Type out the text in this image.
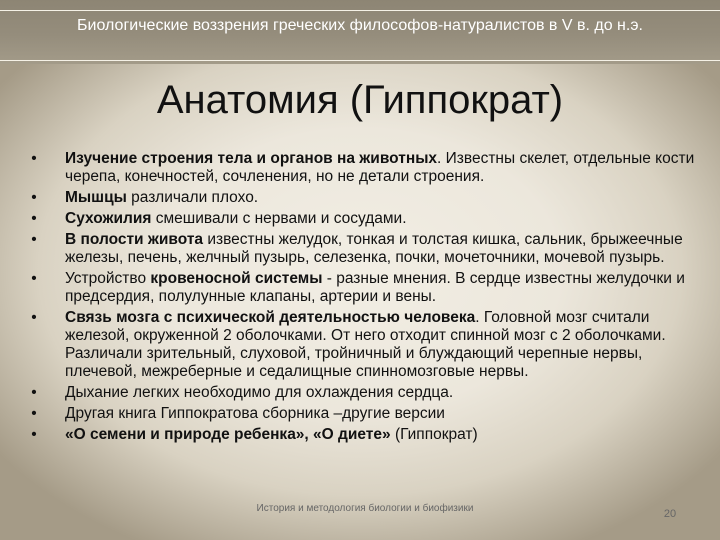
Биологические воззрения греческих философов-натуралистов в V в. до н.э.
Анатомия (Гиппократ)
• Изучение строения тела и органов на животных. Известны скелет, отдельные кости черепа, конечностей, сочленения, но не детали строения.
• Мышцы различали плохо.
• Сухожилия смешивали с нервами и сосудами.
• В полости живота известны желудок, тонкая и толстая кишка, сальник, брыжеечные железы, печень, желчный пузырь, селезенка, почки, мочеточники, мочевой пузырь.
• Устройство кровеносной системы - разные мнения. В сердце известны желудочки и предсердия, полулунные клапаны, артерии и вены.
• Связь мозга с психической деятельностью человека. Головной мозг считали железой, окруженной 2 оболочками. От него отходит спинной мозг с 2 оболочками. Различали зрительный, слуховой, тройничный и блуждающий черепные нервы, плечевой, межреберные и седалищные спинномозговые нервы.
• Дыхание легких необходимо для охлаждения сердца.
• Другая книга Гиппократова сборника –другие версии
• «О семени и природе ребенка», «О диете» (Гиппократ)
История и методология биологии и биофизики	20
